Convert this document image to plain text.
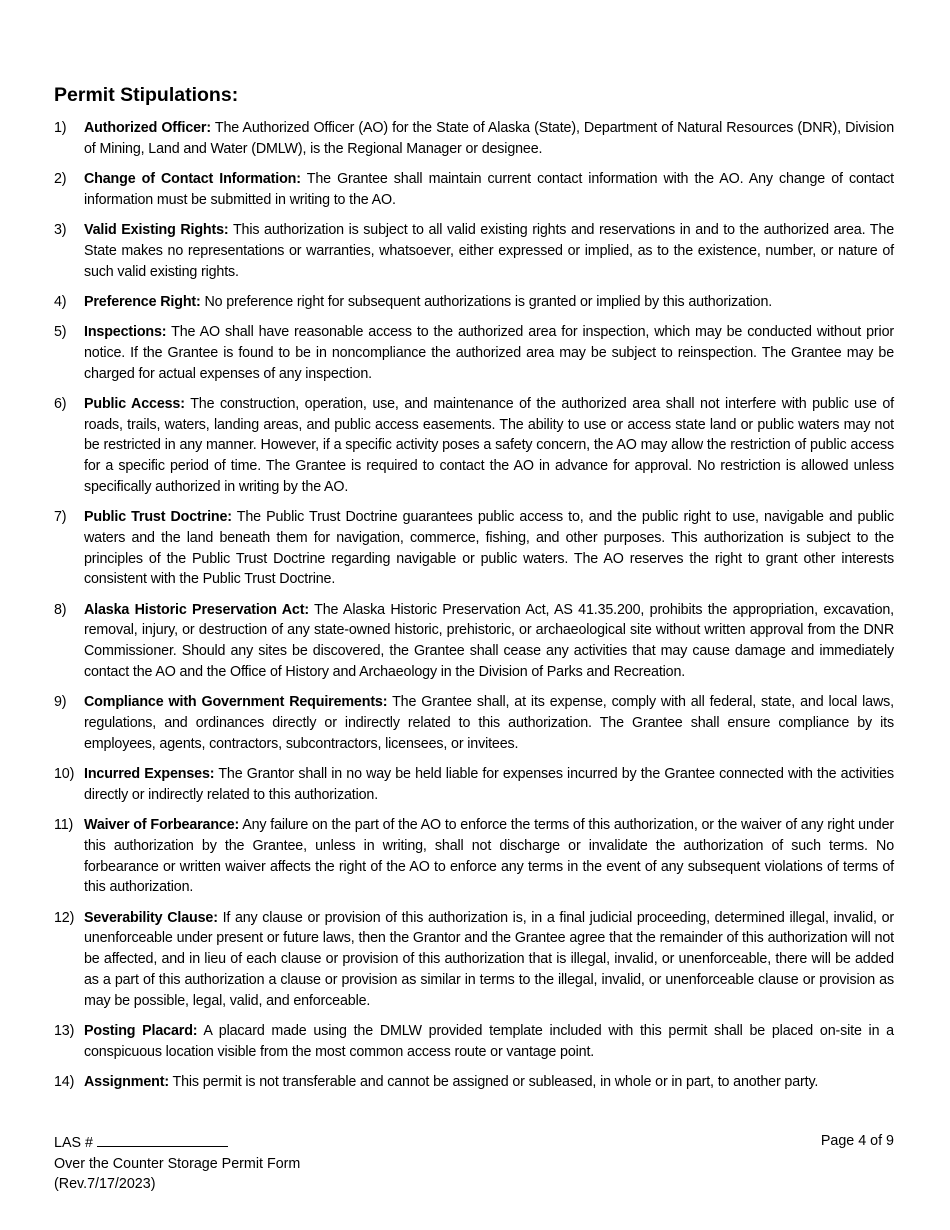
Permit Stipulations:
1) Authorized Officer: The Authorized Officer (AO) for the State of Alaska (State), Department of Natural Resources (DNR), Division of Mining, Land and Water (DMLW), is the Regional Manager or designee.
2) Change of Contact Information: The Grantee shall maintain current contact information with the AO. Any change of contact information must be submitted in writing to the AO.
3) Valid Existing Rights: This authorization is subject to all valid existing rights and reservations in and to the authorized area. The State makes no representations or warranties, whatsoever, either expressed or implied, as to the existence, number, or nature of such valid existing rights.
4) Preference Right: No preference right for subsequent authorizations is granted or implied by this authorization.
5) Inspections: The AO shall have reasonable access to the authorized area for inspection, which may be conducted without prior notice. If the Grantee is found to be in noncompliance the authorized area may be subject to reinspection. The Grantee may be charged for actual expenses of any inspection.
6) Public Access: The construction, operation, use, and maintenance of the authorized area shall not interfere with public use of roads, trails, waters, landing areas, and public access easements. The ability to use or access state land or public waters may not be restricted in any manner. However, if a specific activity poses a safety concern, the AO may allow the restriction of public access for a specific period of time. The Grantee is required to contact the AO in advance for approval. No restriction is allowed unless specifically authorized in writing by the AO.
7) Public Trust Doctrine: The Public Trust Doctrine guarantees public access to, and the public right to use, navigable and public waters and the land beneath them for navigation, commerce, fishing, and other purposes. This authorization is subject to the principles of the Public Trust Doctrine regarding navigable or public waters. The AO reserves the right to grant other interests consistent with the Public Trust Doctrine.
8) Alaska Historic Preservation Act: The Alaska Historic Preservation Act, AS 41.35.200, prohibits the appropriation, excavation, removal, injury, or destruction of any state-owned historic, prehistoric, or archaeological site without written approval from the DNR Commissioner. Should any sites be discovered, the Grantee shall cease any activities that may cause damage and immediately contact the AO and the Office of History and Archaeology in the Division of Parks and Recreation.
9) Compliance with Government Requirements: The Grantee shall, at its expense, comply with all federal, state, and local laws, regulations, and ordinances directly or indirectly related to this authorization. The Grantee shall ensure compliance by its employees, agents, contractors, subcontractors, licensees, or invitees.
10) Incurred Expenses: The Grantor shall in no way be held liable for expenses incurred by the Grantee connected with the activities directly or indirectly related to this authorization.
11) Waiver of Forbearance: Any failure on the part of the AO to enforce the terms of this authorization, or the waiver of any right under this authorization by the Grantee, unless in writing, shall not discharge or invalidate the authorization of such terms. No forbearance or written waiver affects the right of the AO to enforce any terms in the event of any subsequent violations of terms of this authorization.
12) Severability Clause: If any clause or provision of this authorization is, in a final judicial proceeding, determined illegal, invalid, or unenforceable under present or future laws, then the Grantor and the Grantee agree that the remainder of this authorization will not be affected, and in lieu of each clause or provision of this authorization that is illegal, invalid, or unenforceable, there will be added as a part of this authorization a clause or provision as similar in terms to the illegal, invalid, or unenforceable clause or provision as may be possible, legal, valid, and enforceable.
13) Posting Placard: A placard made using the DMLW provided template included with this permit shall be placed on-site in a conspicuous location visible from the most common access route or vantage point.
14) Assignment: This permit is not transferable and cannot be assigned or subleased, in whole or in part, to another party.
LAS #
Over the Counter Storage Permit Form
(Rev.7/17/2023)
Page 4 of 9
